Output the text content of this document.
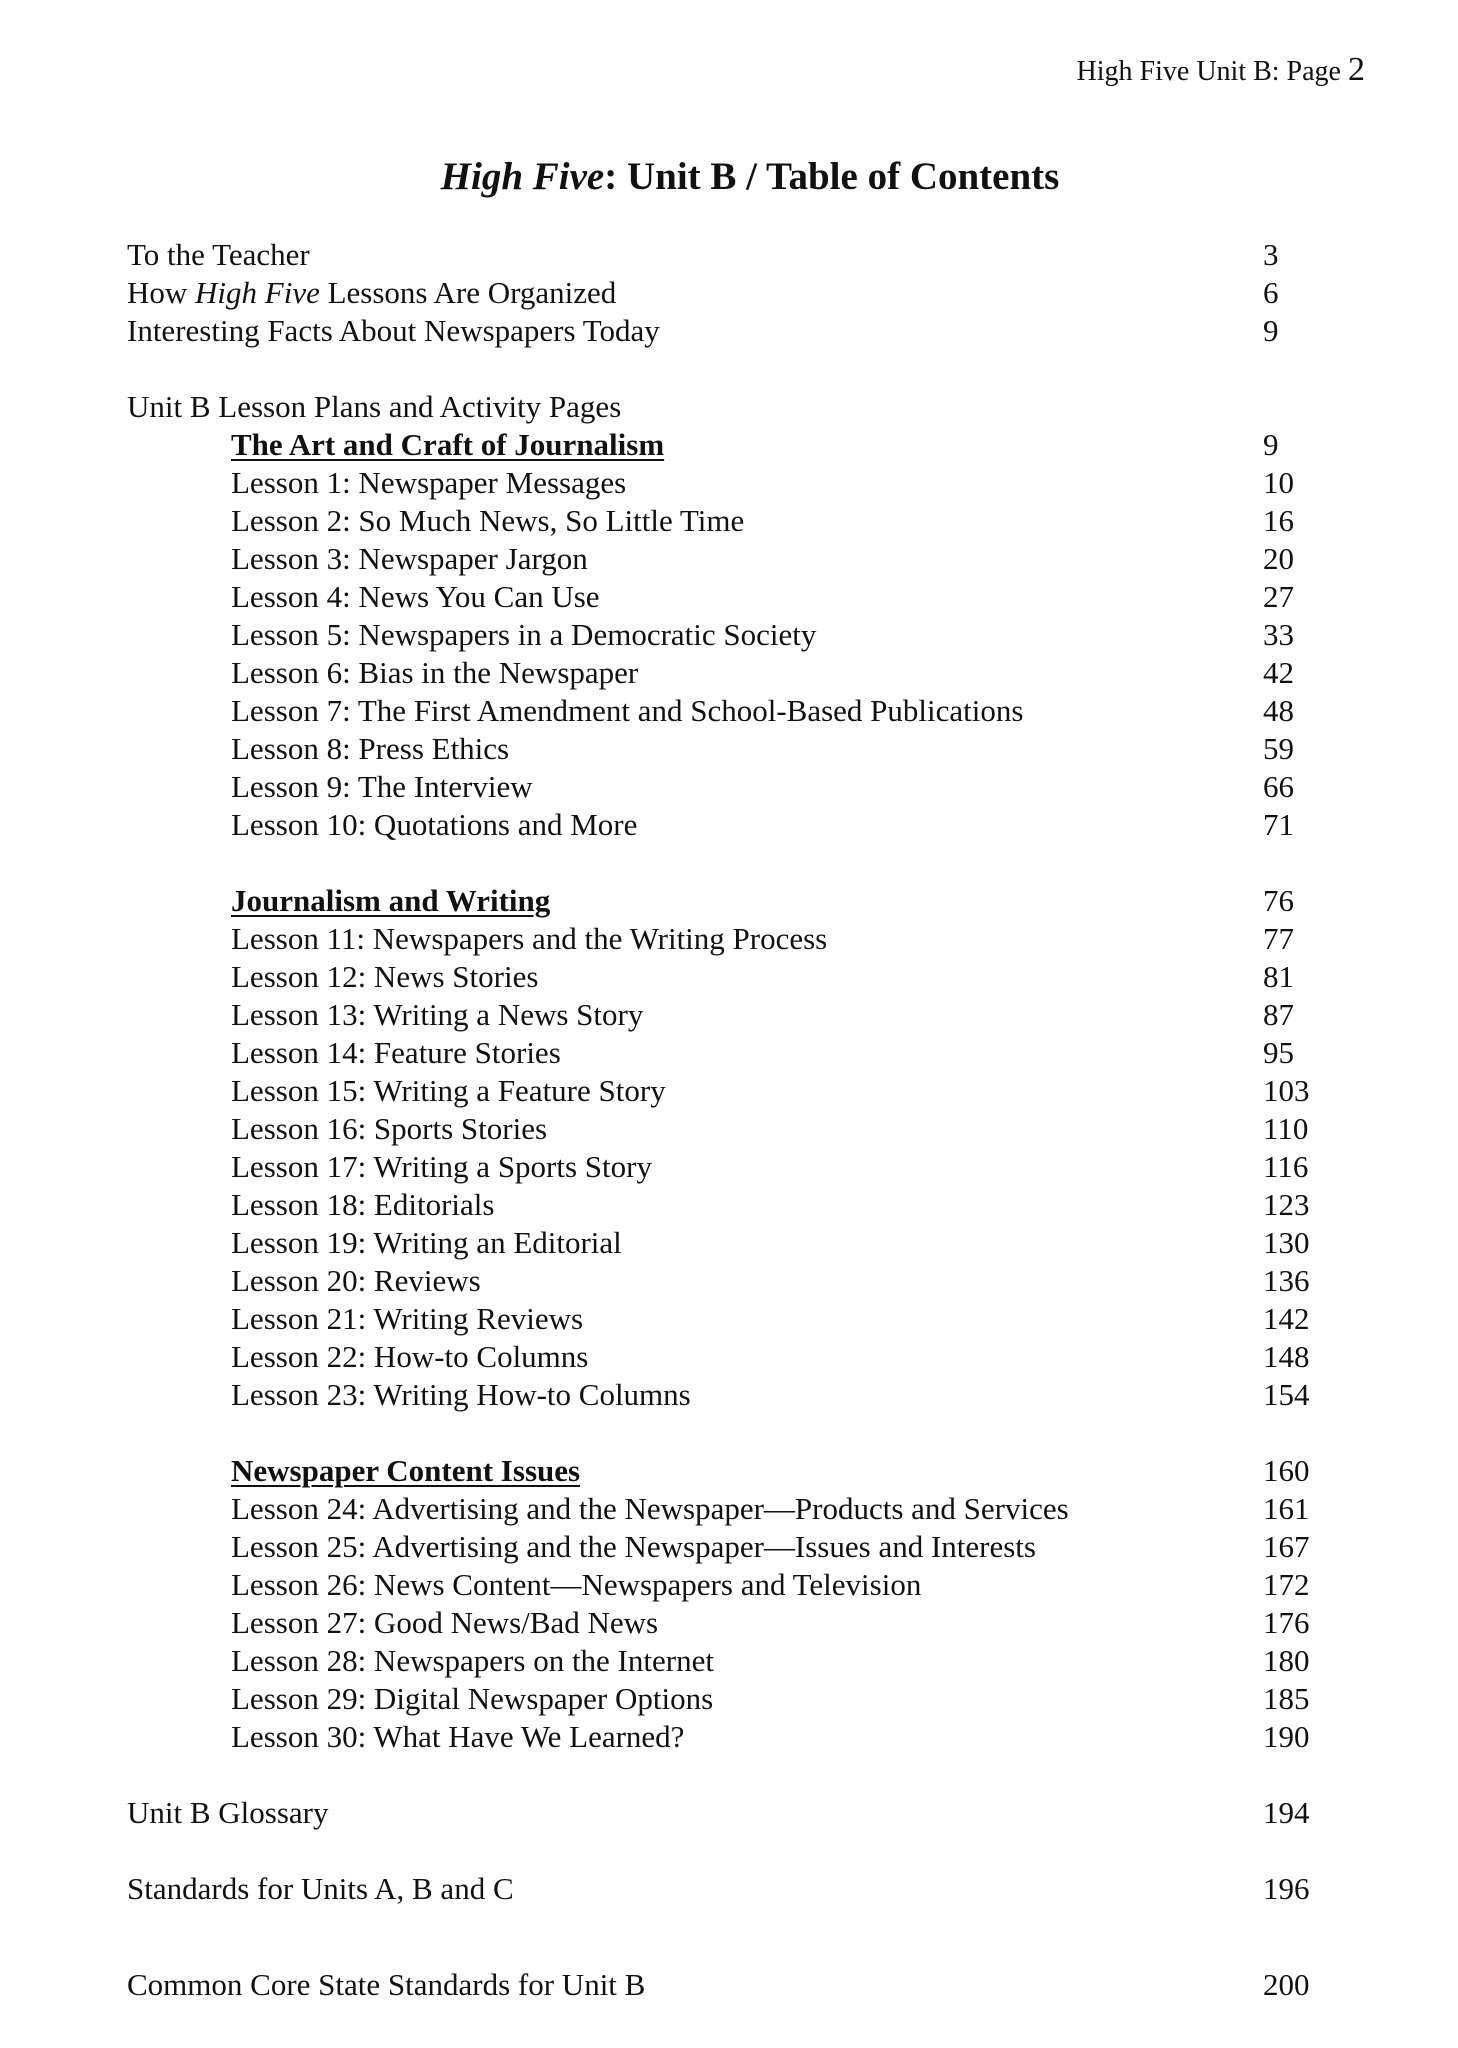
High Five Unit B: Page 2
High Five: Unit B / Table of Contents
To the Teacher	3
How High Five Lessons Are Organized	6
Interesting Facts About Newspapers Today	9
Unit B Lesson Plans and Activity Pages
The Art and Craft of Journalism	9
Lesson 1: Newspaper Messages	10
Lesson 2: So Much News, So Little Time	16
Lesson 3: Newspaper Jargon	20
Lesson 4: News You Can Use	27
Lesson 5: Newspapers in a Democratic Society	33
Lesson 6: Bias in the Newspaper	42
Lesson 7: The First Amendment and School-Based Publications	48
Lesson 8: Press Ethics	59
Lesson 9: The Interview	66
Lesson 10: Quotations and More	71
Journalism and Writing	76
Lesson 11: Newspapers and the Writing Process	77
Lesson 12: News Stories	81
Lesson 13: Writing a News Story	87
Lesson 14: Feature Stories	95
Lesson 15: Writing a Feature Story	103
Lesson 16: Sports Stories	110
Lesson 17: Writing a Sports Story	116
Lesson 18: Editorials	123
Lesson 19: Writing an Editorial	130
Lesson 20: Reviews	136
Lesson 21: Writing Reviews	142
Lesson 22: How-to Columns	148
Lesson 23: Writing How-to Columns	154
Newspaper Content Issues	160
Lesson 24: Advertising and the Newspaper—Products and Services	161
Lesson 25: Advertising and the Newspaper—Issues and Interests	167
Lesson 26: News Content—Newspapers and Television	172
Lesson 27: Good News/Bad News	176
Lesson 28: Newspapers on the Internet	180
Lesson 29: Digital Newspaper Options	185
Lesson 30: What Have We Learned?	190
Unit B Glossary	194
Standards for Units A, B and C	196
Common Core State Standards for Unit B	200
